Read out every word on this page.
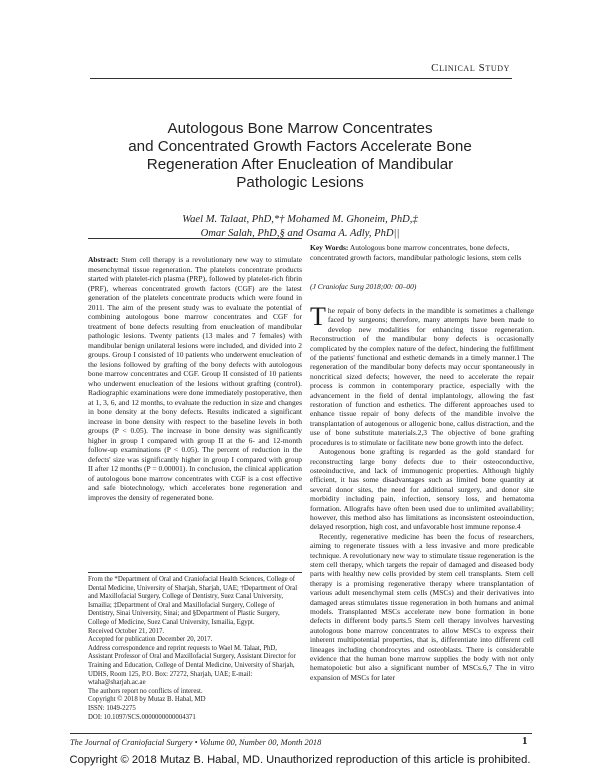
Clinical Study
Autologous Bone Marrow Concentrates
and Concentrated Growth Factors Accelerate Bone
Regeneration After Enucleation of Mandibular
Pathologic Lesions
Wael M. Talaat, PhD,*† Mohamed M. Ghoneim, PhD,‡
Omar Salah, PhD,§ and Osama A. Adly, PhD||
Abstract: Stem cell therapy is a revolutionary new way to stimulate mesenchymal tissue regeneration. The platelets concentrate products started with platelet-rich plasma (PRP), followed by platelet-rich fibrin (PRF), whereas concentrated growth factors (CGF) are the latest generation of the platelets concentrate products which were found in 2011. The aim of the present study was to evaluate the potential of combining autologous bone marrow concentrates and CGF for treatment of bone defects resulting from enucleation of mandibular pathologic lesions. Twenty patients (13 males and 7 females) with mandibular benign unilateral lesions were included, and divided into 2 groups. Group I consisted of 10 patients who underwent enucleation of the lesions followed by grafting of the bony defects with autologous bone marrow concentrates and CGF. Group II consisted of 10 patients who underwent enucleation of the lesions without grafting (control). Radiographic examinations were done immediately postoperative, then at 1, 3, 6, and 12 months, to evaluate the reduction in size and changes in bone density at the bony defects. Results indicated a significant increase in bone density with respect to the baseline levels in both groups (P < 0.05). The increase in bone density was significantly higher in group I compared with group II at the 6- and 12-month follow-up examinations (P < 0.05). The percent of reduction in the defects' size was significantly higher in group I compared with group II after 12 months (P = 0.00001). In conclusion, the clinical application of autologous bone marrow concentrates with CGF is a cost effective and safe biotechnology, which accelerates bone regeneration and improves the density of regenerated bone.
Key Words: Autologous bone marrow concentrates, bone defects, concentrated growth factors, mandibular pathologic lesions, stem cells
(J Craniofac Surg 2018;00: 00–00)

The repair of bony defects in the mandible is sometimes a challenge faced by surgeons; therefore, many attempts have been made to develop new modalities for enhancing tissue regeneration. Reconstruction of the mandibular bony defects is occasionally complicated by the complex nature of the defect, hindering the fulfillment of the patients' functional and esthetic demands in a timely manner.1 The regeneration of the mandibular bony defects may occur spontaneously in noncritical sized defects; however, the need to accelerate the repair process is common in contemporary practice, especially with the advancement in the field of dental implantology, allowing the fast restoration of function and esthetics. The different approaches used to enhance tissue repair of bony defects of the mandible involve the transplantation of autogenous or allogenic bone, callus distraction, and the use of bone substitute materials.2,3 The objective of bone grafting procedures is to stimulate or facilitate new bone growth into the defect.

Autogenous bone grafting is regarded as the gold standard for reconstructing large bony defects due to their osteoconductive, osteoinductive, and lack of immunogenic properties. Although highly efficient, it has some disadvantages such as limited bone quantity at several donor sites, the need for additional surgery, and donor site morbidity including pain, infection, sensory loss, and hematoma formation. Allografts have often been used due to unlimited availability; however, this method also has limitations as inconsistent osteoinduction, delayed resorption, high cost, and unfavorable host immune reponse.4

Recently, regenerative medicine has been the focus of researchers, aiming to regenerate tissues with a less invasive and more predicable technique. A revolutionary new way to stimulate tissue regeneration is the stem cell therapy, which targets the repair of damaged and diseased body parts with healthy new cells provided by stem cell transplants. Stem cell therapy is a promising regenerative therapy where transplantation of various adult mesenchymal stem cells (MSCs) and their derivatives into damaged areas stimulates tissue regeneration in both humans and animal models. Transplanted MSCs accelerate new bone formation in bone defects in different body parts.5 Stem cell therapy involves harvesting autologous bone marrow concentrates to allow MSCs to express their inherent multipotential properties, that is, differentiate into different cell lineages including chondrocytes and osteoblasts. There is considerable evidence that the human bone marrow supplies the body with not only hematopoietic but also a significant number of MSCs.6,7 The in vitro expansion of MSCs for later

From the *Department of Oral and Craniofacial Health Sciences, College of Dental Medicine, University of Sharjah, Sharjah, UAE; †Department of Oral and Maxillofacial Surgery, College of Dentistry, Suez Canal University, Ismailia; ‡Department of Oral and Maxillofacial Surgery, College of Dentistry, Sinai University, Sinai; and §Department of Plastic Surgery, College of Medicine, Suez Canal University, Ismailia, Egypt.
Received October 21, 2017.
Accepted for publication December 20, 2017.
Address correspondence and reprint requests to Wael M. Talaat, PhD, Assistant Professor of Oral and Maxillofacial Surgery, Assistant Director for Training and Education, College of Dental Medicine, University of Sharjah, UDHS, Room 125, P.O. Box: 27272, Sharjah, UAE; E-mail: wtaha@sharjah.ac.ae
The authors report no conflicts of interest.
Copyright © 2018 by Mutaz B. Habal, MD
ISSN: 1049-2275
DOI: 10.1097/SCS.0000000000004371
The Journal of Craniofacial Surgery • Volume 00, Number 00, Month 2018	1
Copyright © 2018 Mutaz B. Habal, MD. Unauthorized reproduction of this article is prohibited.
